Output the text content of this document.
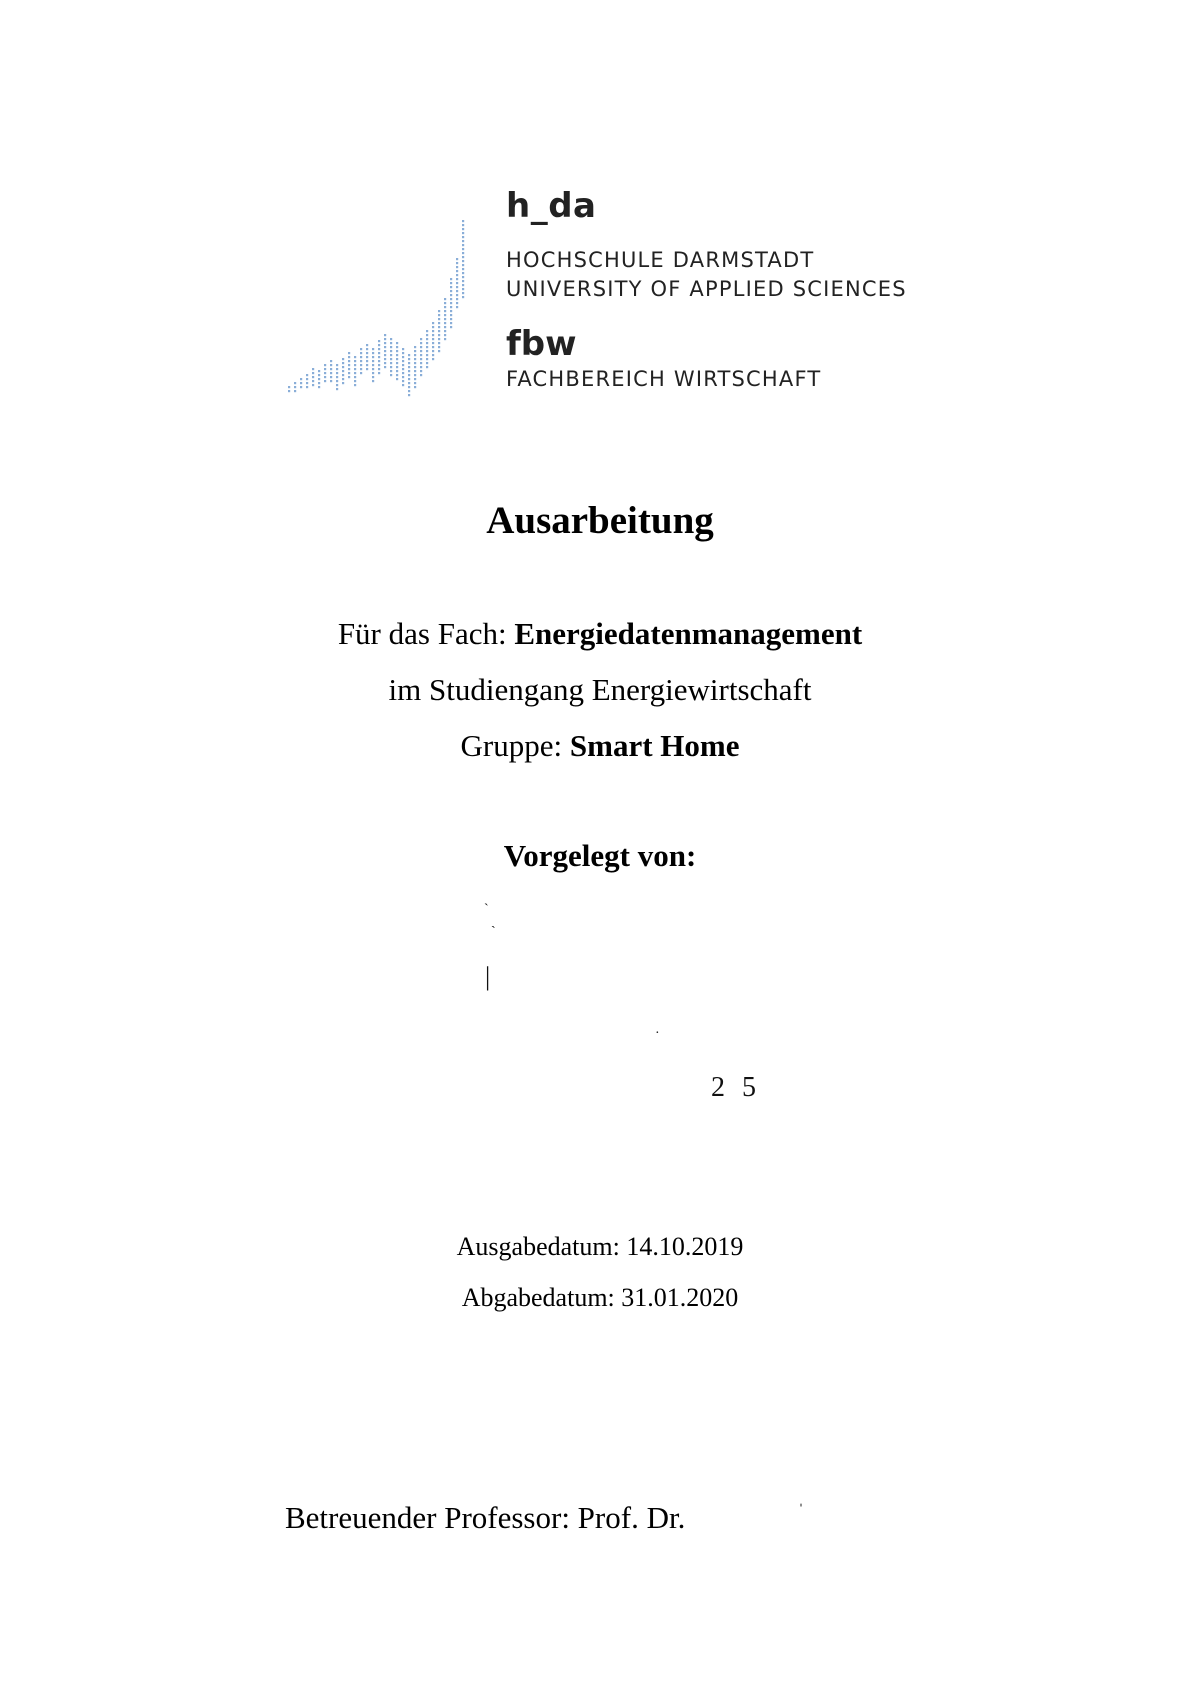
h_da
HOCHSCHULE DARMSTADT
UNIVERSITY OF APPLIED SCIENCES
fbw
FACHBEREICH WIRTSCHAFT
Ausarbeitung
Für das Fach: Energiedatenmanagement
im Studiengang Energiewirtschaft
Gruppe: Smart Home
Vorgelegt von:
ˋ
ˏ
|
·
2 5
Ausgabedatum: 14.10.2019
Abgabedatum: 31.01.2020
Betreuender Professor: Prof. Dr.	ˈ
